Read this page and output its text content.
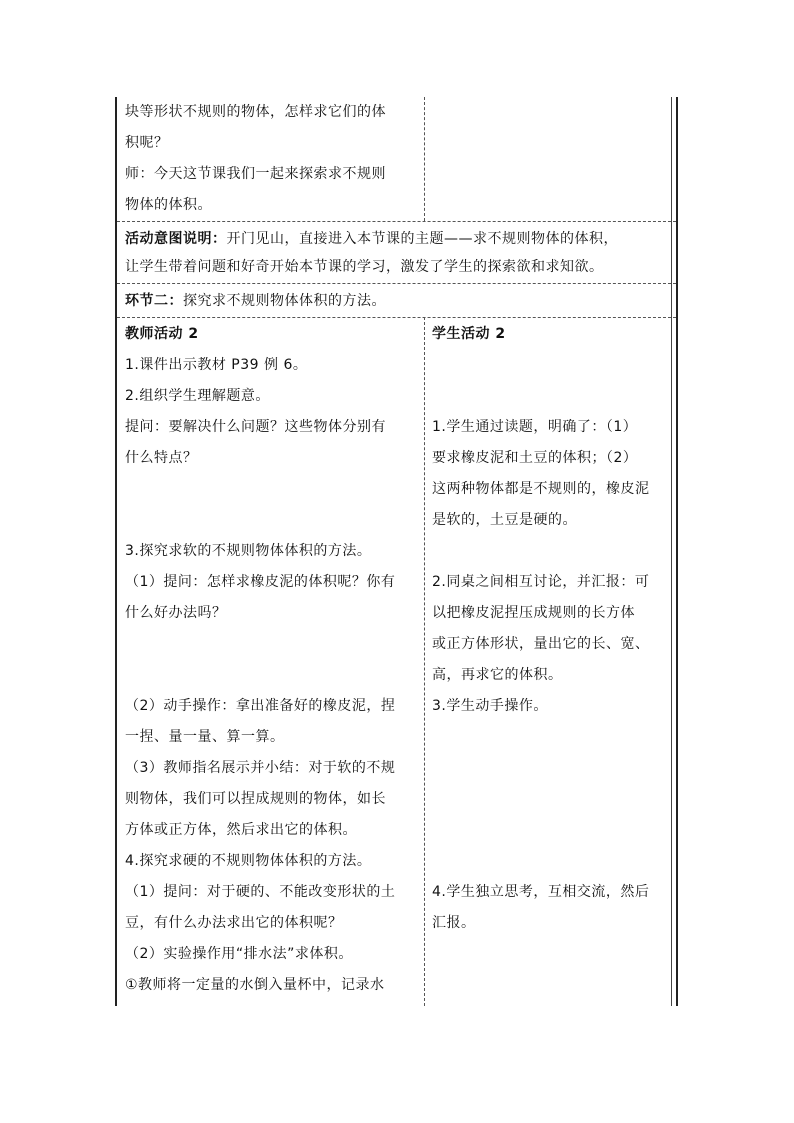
块等形状不规则的物体，怎样求它们的体
积呢？
师：今天这节课我们一起来探索求不规则
物体的体积。
活动意图说明：开门见山，直接进入本节课的主题——求不规则物体的体积，
让学生带着问题和好奇开始本节课的学习，激发了学生的探索欲和求知欲。
环节二：探究求不规则物体体积的方法。
教师活动 2
1.课件出示教材 P39 例 6。
2.组织学生理解题意。
提问：要解决什么问题？这些物体分别有
什么特点？
3.探究求软的不规则物体体积的方法。
（1）提问：怎样求橡皮泥的体积呢？你有
什么好办法吗？
（2）动手操作：拿出准备好的橡皮泥，捏
一捏、量一量、算一算。
（3）教师指名展示并小结：对于软的不规
则物体，我们可以捏成规则的物体，如长
方体或正方体，然后求出它的体积。
4.探究求硬的不规则物体体积的方法。
（1）提问：对于硬的、不能改变形状的土
豆，有什么办法求出它的体积呢？
（2）实验操作用“排水法”求体积。
①教师将一定量的水倒入量杯中，记录水
学生活动 2
1.学生通过读题，明确了：（1）
要求橡皮泥和土豆的体积；（2）
这两种物体都是不规则的，橡皮泥
是软的，土豆是硬的。
2.同桌之间相互讨论，并汇报：可
以把橡皮泥捏压成规则的长方体
或正方体形状，量出它的长、宽、
高，再求它的体积。
3.学生动手操作。
4.学生独立思考，互相交流，然后
汇报。
